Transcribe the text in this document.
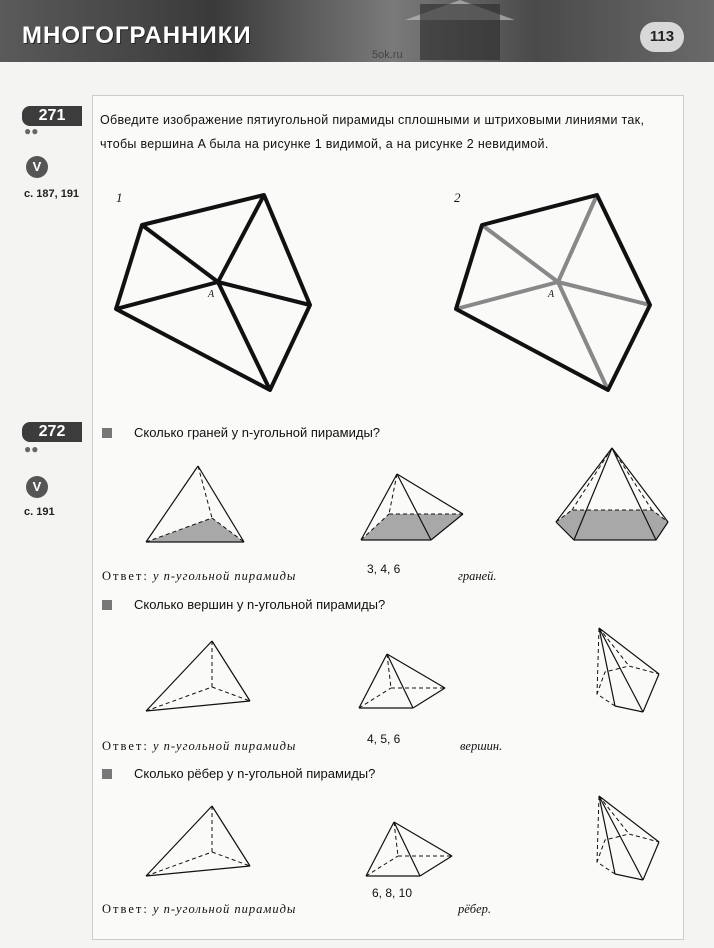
МНОГОГРАННИКИ	113
5ok.ru
271
●●
V
с. 187, 191
Обведите изображение пятиугольной пирамиды сплошными и штриховыми линиями так, чтобы вершина A была на рисунке 1 видимой, а на рисунке 2 невидимой.
1	2
A	A
272
●●
V
с. 191
Сколько граней у n-угольной пирамиды?
Ответ: у n-угольной пирамиды	3, 4, 6	граней.
Сколько вершин у n-угольной пирамиды?
Ответ: у n-угольной пирамиды	4, 5, 6	вершин.
Сколько рёбер у n-угольной пирамиды?
Ответ: у n-угольной пирамиды
6, 8, 10
рёбер.
